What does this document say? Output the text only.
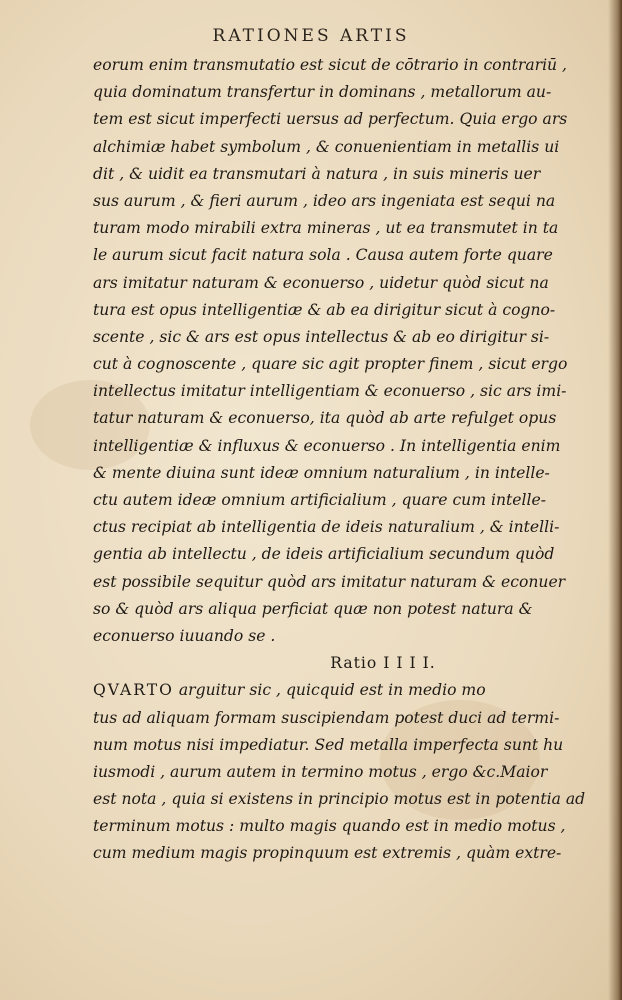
RATIONES ARTIS
eorum enim transmutatio est sicut de cōtrario in contrariū ,
quia dominatum transfertur in dominans , metallorum au-
tem est sicut imperfecti uersus ad perfectum. Quia ergo ars
alchimiæ habet symbolum , & conuenientiam in metallis ui
dit , & uidit ea transmutari à natura , in suis mineris uer
sus aurum , & fieri aurum , ideo ars ingeniata est sequi na
turam modo mirabili extra mineras , ut ea transmutet in ta
le aurum sicut facit natura sola . Causa autem forte quare
ars imitatur naturam & econuerso , uidetur quòd sicut na
tura est opus intelligentiæ & ab ea dirigitur sicut à cogno-
scente , sic & ars est opus intellectus & ab eo dirigitur si-
cut à cognoscente , quare sic agit propter finem , sicut ergo
intellectus imitatur intelligentiam & econuerso , sic ars imi-
tatur naturam & econuerso, ita quòd ab arte refulget opus
intelligentiæ & influxus & econuerso . In intelligentia enim
& mente diuina sunt ideæ omnium naturalium , in intelle-
ctu autem ideæ omnium artificialium , quare cum intelle-
ctus recipiat ab intelligentia de ideis naturalium , & intelli-
gentia ab intellectu , de ideis artificialium secundum quòd
est possibile sequitur quòd ars imitatur naturam & econuer
so & quòd ars aliqua perficiat quæ non potest natura &
econuerso iuuando se .
Ratio I I I I.
QVARTO arguitur sic , quicquid est in medio mo
tus ad aliquam formam suscipiendam potest duci ad termi-
num motus nisi impediatur. Sed metalla imperfecta sunt hu
iusmodi , aurum autem in termino motus , ergo &c.Maior
est nota , quia si existens in principio motus est in potentia ad
terminum motus : multo magis quando est in medio motus ,
cum medium magis propinquum est extremis , quàm extre-
